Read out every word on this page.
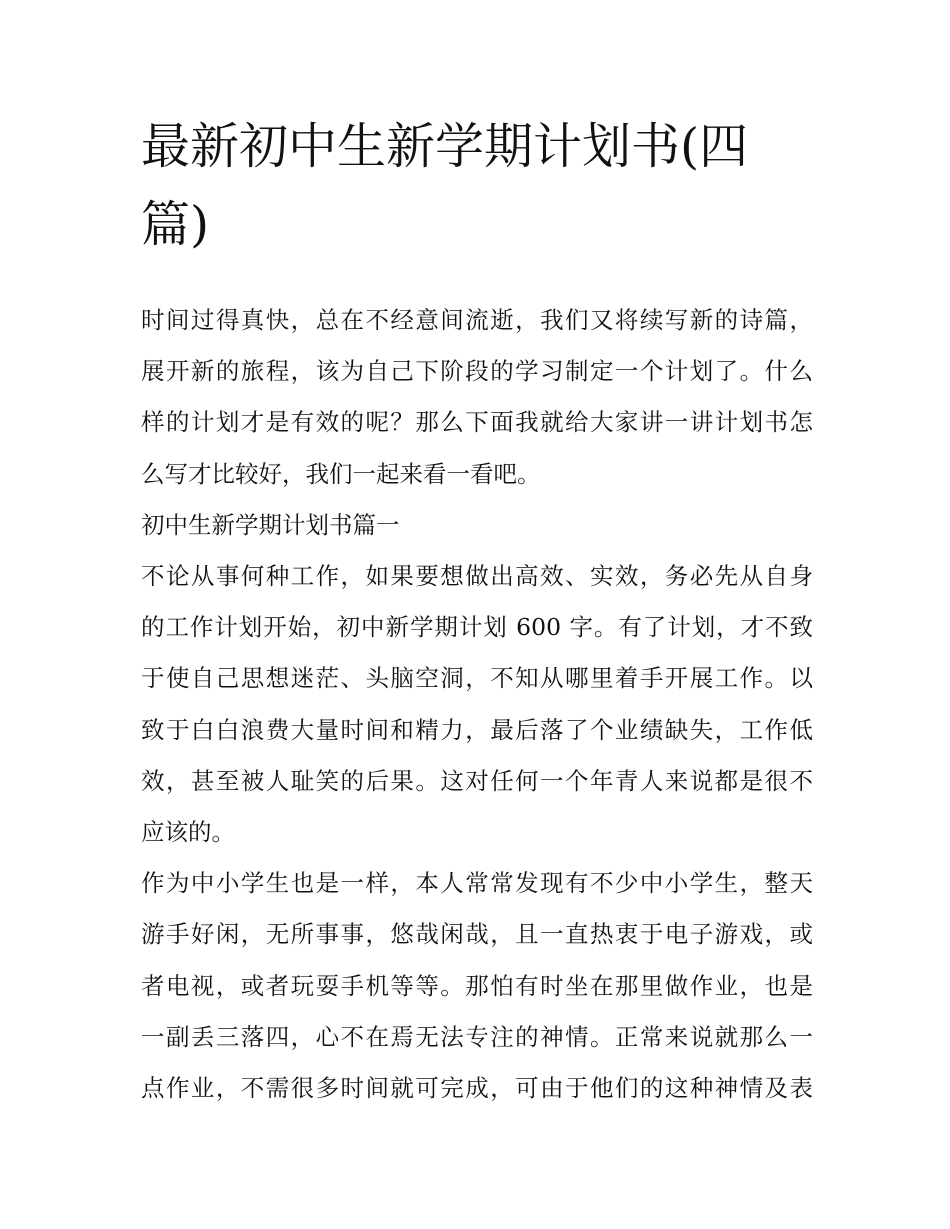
最新初中生新学期计划书(四
篇)

时间过得真快，总在不经意间流逝，我们又将续写新的诗篇，
展开新的旅程，该为自己下阶段的学习制定一个计划了。什么
样的计划才是有效的呢？那么下面我就给大家讲一讲计划书怎
么写才比较好，我们一起来看一看吧。

初中生新学期计划书篇一

不论从事何种工作，如果要想做出高效、实效，务必先从自身
的工作计划开始，初中新学期计划 600 字。有了计划，才不致
于使自己思想迷茫、头脑空洞，不知从哪里着手开展工作。以
致于白白浪费大量时间和精力，最后落了个业绩缺失，工作低
效，甚至被人耻笑的后果。这对任何一个年青人来说都是很不
应该的。

作为中小学生也是一样，本人常常发现有不少中小学生，整天
游手好闲，无所事事，悠哉闲哉，且一直热衷于电子游戏，或
者电视，或者玩耍手机等等。那怕有时坐在那里做作业，也是
一副丢三落四，心不在焉无法专注的神情。正常来说就那么一
点作业，不需很多时间就可完成，可由于他们的这种神情及表
